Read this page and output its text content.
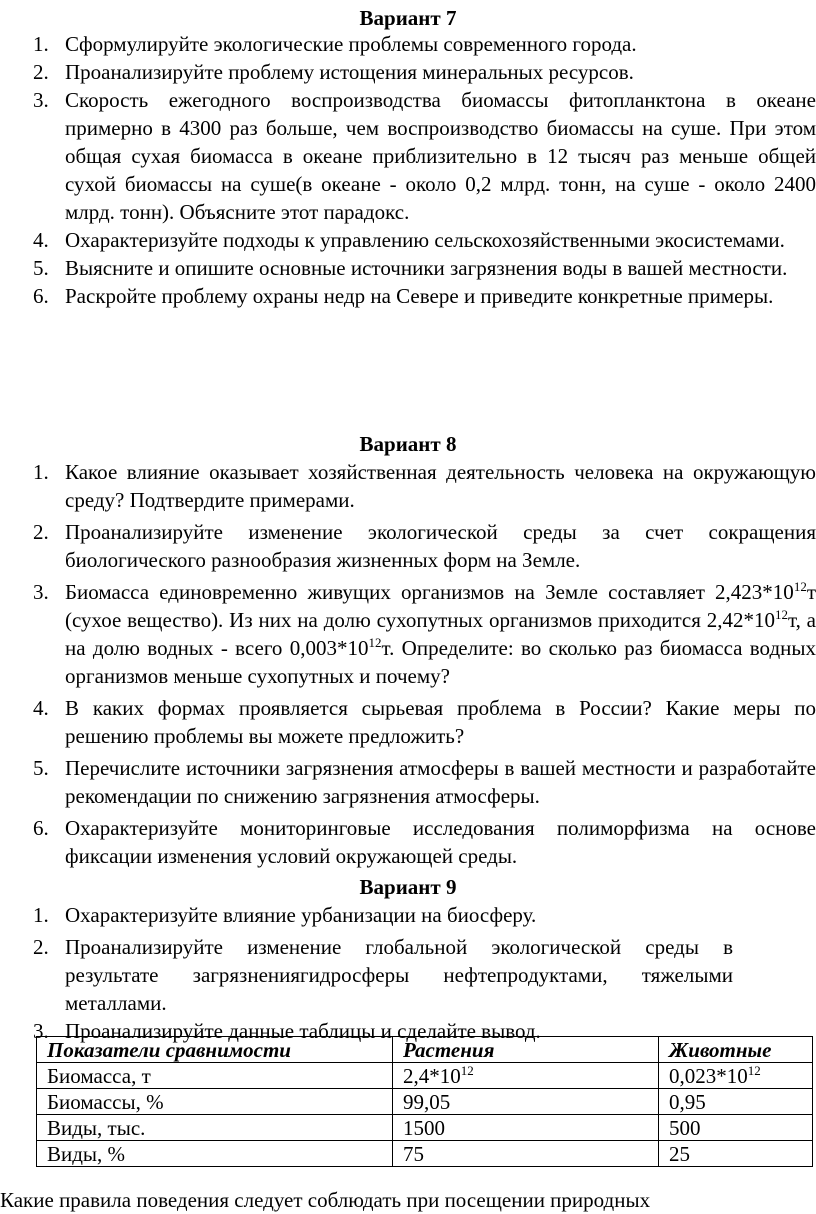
Вариант 7
1. Сформулируйте экологические проблемы современного города.
2. Проанализируйте проблему истощения минеральных ресурсов.
3. Скорость ежегодного воспроизводства биомассы фитопланктона в океане примерно в 4300 раз больше, чем воспроизводство биомассы на суше. При этом общая сухая биомасса в океане приблизительно в 12 тысяч раз меньше общей сухой биомассы на суше(в океане - около 0,2 млрд. тонн, на суше - около 2400 млрд. тонн). Объясните этот парадокс.
4. Охарактеризуйте подходы к управлению сельскохозяйственными экосистемами.
5. Выясните и опишите основные источники загрязнения воды в вашей местности.
6. Раскройте проблему охраны недр на Севере и приведите конкретные примеры.
Вариант 8
1. Какое влияние оказывает хозяйственная деятельность человека на окружающую среду? Подтвердите примерами.
2. Проанализируйте изменение экологической среды за счет сокращения биологического разнообразия жизненных форм на Земле.
3. Биомасса единовременно живущих организмов на Земле составляет $2,423*10^{12}т$ (сухое вещество). Из них на долю сухопутных организмов приходится $2,42*10^{12}т$, а на долю водных - всего $0,003*10^{12}т$. Определите: во сколько раз биомасса водных организмов меньше сухопутных и почему?
4. В каких формах проявляется сырьевая проблема в России? Какие меры по решению проблемы вы можете предложить?
5. Перечислите источники загрязнения атмосферы в вашей местности и разработайте рекомендации по снижению загрязнения атмосферы.
6. Охарактеризуйте мониторинговые исследования полиморфизма на основе фиксации изменения условий окружающей среды.
Вариант 9
1. Охарактеризуйте влияние урбанизации на биосферу.
2. Проанализируйте изменение глобальной экологической среды в результате загрязнениягидросферы нефтепродуктами, тяжелыми металлами.
3. Проанализируйте данные таблицы и сделайте вывод.
Показатели сравнимости	Растения	Животные
Биомасса, т	$2,4*10^{12}$	$0,023*10^{12}$
Биомассы, %	99,05	0,95
Виды, тыс.	1500	500
Виды, %	75	25
Какие правила поведения следует соблюдать при посещении природных
